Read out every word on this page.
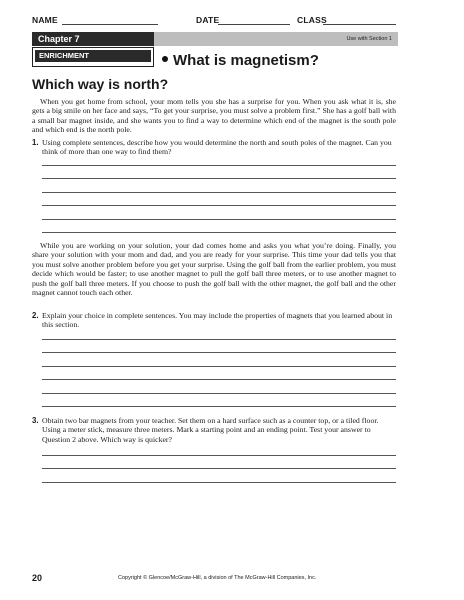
NAME	DATE	CLASS
Chapter 7	Use with Section 1
ENRICHMENT	What is magnetism?
Which way is north?
When you get home from school, your mom tells you she has a surprise for you. When you ask what it is, she gets a big smile on her face and says, “To get your surprise, you must solve a problem first.” She has a golf ball with a small bar magnet inside, and she wants you to find a way to determine which end of the magnet is the south pole and which end is the north pole.
1. Using complete sentences, describe how you would determine the north and south poles of the magnet. Can you think of more than one way to find them?
While you are working on your solution, your dad comes home and asks you what you’re doing. Finally, you share your solution with your mom and dad, and you are ready for your surprise. This time your dad tells you that you must solve another problem before you get your surprise. Using the golf ball from the earlier problem, you must decide which would be faster; to use another magnet to pull the golf ball three meters, or to use another magnet to push the golf ball three meters. If you choose to push the golf ball with the other magnet, the golf ball and the other magnet cannot touch each other.
2. Explain your choice in complete sentences. You may include the properties of magnets that you learned about in this section.
3. Obtain two bar magnets from your teacher. Set them on a hard surface such as a counter top, or a tiled floor. Using a meter stick, measure three meters. Mark a starting point and an ending point. Test your answer to Question 2 above. Which way is quicker?
20	Copyright © Glencoe/McGraw-Hill, a division of The McGraw-Hill Companies, Inc.
